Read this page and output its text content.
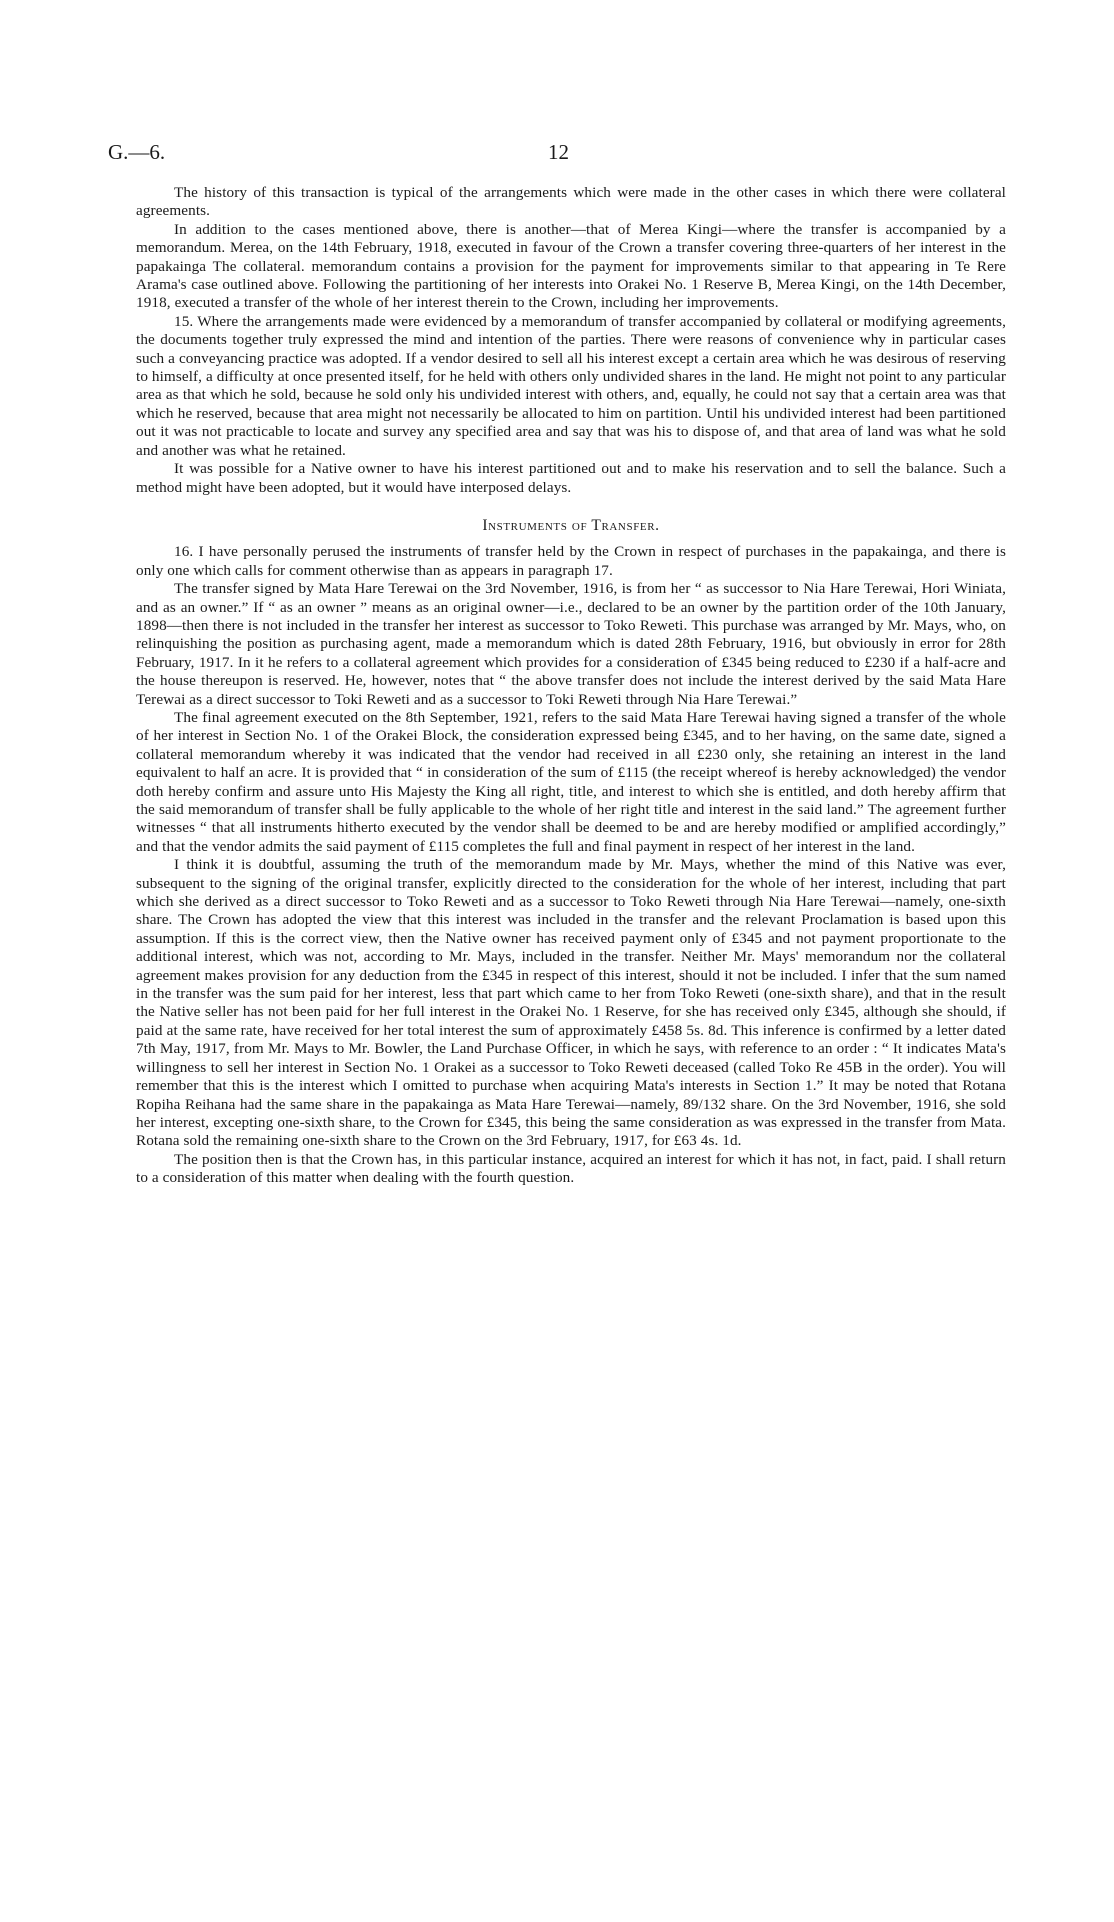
G.—6.	12

The history of this transaction is typical of the arrangements which were made in the other cases in which there were collateral agreements.

In addition to the cases mentioned above, there is another—that of Merea Kingi—where the transfer is accompanied by a memorandum. Merea, on the 14th February, 1918, executed in favour of the Crown a transfer covering three-quarters of her interest in the papakainga The collateral. memorandum contains a provision for the payment for improvements similar to that appearing in Te Rere Arama's case outlined above. Following the partitioning of her interests into Orakei No. 1 Reserve B, Merea Kingi, on the 14th December, 1918, executed a transfer of the whole of her interest therein to the Crown, including her improvements.

15. Where the arrangements made were evidenced by a memorandum of transfer accompanied by collateral or modifying agreements, the documents together truly expressed the mind and intention of the parties. There were reasons of convenience why in particular cases such a conveyancing practice was adopted. If a vendor desired to sell all his interest except a certain area which he was desirous of reserving to himself, a difficulty at once presented itself, for he held with others only undivided shares in the land. He might not point to any particular area as that which he sold, because he sold only his undivided interest with others, and, equally, he could not say that a certain area was that which he reserved, because that area might not necessarily be allocated to him on partition. Until his undivided interest had been partitioned out it was not practicable to locate and survey any specified area and say that was his to dispose of, and that area of land was what he sold and another was what he retained.

It was possible for a Native owner to have his interest partitioned out and to make his reservation and to sell the balance. Such a method might have been adopted, but it would have interposed delays.

Instruments of Transfer.

16. I have personally perused the instruments of transfer held by the Crown in respect of purchases in the papakainga, and there is only one which calls for comment otherwise than as appears in paragraph 17.

The transfer signed by Mata Hare Terewai on the 3rd November, 1916, is from her “ as successor to Nia Hare Terewai, Hori Winiata, and as an owner.” If “ as an owner ” means as an original owner—i.e., declared to be an owner by the partition order of the 10th January, 1898—then there is not included in the transfer her interest as successor to Toko Reweti. This purchase was arranged by Mr. Mays, who, on relinquishing the position as purchasing agent, made a memorandum which is dated 28th February, 1916, but obviously in error for 28th February, 1917. In it he refers to a collateral agreement which provides for a consideration of £345 being reduced to £230 if a half-acre and the house thereupon is reserved. He, however, notes that “ the above transfer does not include the interest derived by the said Mata Hare Terewai as a direct successor to Toki Reweti and as a successor to Toki Reweti through Nia Hare Terewai.”

The final agreement executed on the 8th September, 1921, refers to the said Mata Hare Terewai having signed a transfer of the whole of her interest in Section No. 1 of the Orakei Block, the consideration expressed being £345, and to her having, on the same date, signed a collateral memorandum whereby it was indicated that the vendor had received in all £230 only, she retaining an interest in the land equivalent to half an acre. It is provided that “ in consideration of the sum of £115 (the receipt whereof is hereby acknowledged) the vendor doth hereby confirm and assure unto His Majesty the King all right, title, and interest to which she is entitled, and doth hereby affirm that the said memorandum of transfer shall be fully applicable to the whole of her right title and interest in the said land.” The agreement further witnesses “ that all instruments hitherto executed by the vendor shall be deemed to be and are hereby modified or amplified accordingly,” and that the vendor admits the said payment of £115 completes the full and final payment in respect of her interest in the land.

I think it is doubtful, assuming the truth of the memorandum made by Mr. Mays, whether the mind of this Native was ever, subsequent to the signing of the original transfer, explicitly directed to the consideration for the whole of her interest, including that part which she derived as a direct successor to Toko Reweti and as a successor to Toko Reweti through Nia Hare Terewai—namely, one-sixth share. The Crown has adopted the view that this interest was included in the transfer and the relevant Proclamation is based upon this assumption. If this is the correct view, then the Native owner has received payment only of £345 and not payment proportionate to the additional interest, which was not, according to Mr. Mays, included in the transfer. Neither Mr. Mays' memorandum nor the collateral agreement makes provision for any deduction from the £345 in respect of this interest, should it not be included. I infer that the sum named in the transfer was the sum paid for her interest, less that part which came to her from Toko Reweti (one-sixth share), and that in the result the Native seller has not been paid for her full interest in the Orakei No. 1 Reserve, for she has received only £345, although she should, if paid at the same rate, have received for her total interest the sum of approximately £458 5s. 8d. This inference is confirmed by a letter dated 7th May, 1917, from Mr. Mays to Mr. Bowler, the Land Purchase Officer, in which he says, with reference to an order : “ It indicates Mata's willingness to sell her interest in Section No. 1 Orakei as a successor to Toko Reweti deceased (called Toko Re 45B in the order). You will remember that this is the interest which I omitted to purchase when acquiring Mata's interests in Section 1.” It may be noted that Rotana Ropiha Reihana had the same share in the papakainga as Mata Hare Terewai—namely, 89/132 share. On the 3rd November, 1916, she sold her interest, excepting one-sixth share, to the Crown for £345, this being the same consideration as was expressed in the transfer from Mata. Rotana sold the remaining one-sixth share to the Crown on the 3rd February, 1917, for £63 4s. 1d.

The position then is that the Crown has, in this particular instance, acquired an interest for which it has not, in fact, paid. I shall return to a consideration of this matter when dealing with the fourth question.
